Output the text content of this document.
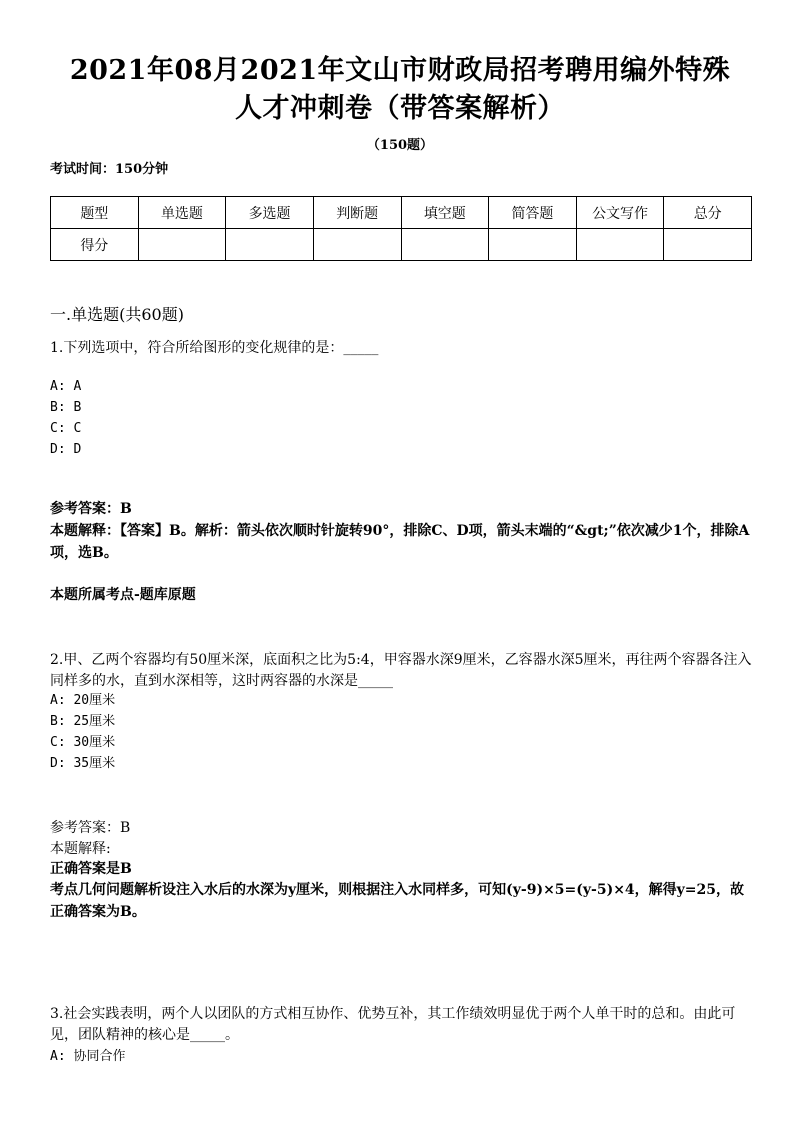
2021年08月2021年文山市财政局招考聘用编外特殊
人才冲刺卷（带答案解析）
（150题）
考试时间：150分钟
题型	单选题	多选题	判断题	填空题	简答题	公文写作	总分
得分							
一.单选题(共60题)
1.下列选项中，符合所给图形的变化规律的是：_____
A: A
B: B
C: C
D: D
参考答案：B
本题解释：【答案】B。解析：箭头依次顺时针旋转90°，排除C、D项，箭头末端的“&gt;”依次减少1个，排除A项，选B。
本题所属考点-题库原题
2.甲、乙两个容器均有50厘米深，底面积之比为5:4，甲容器水深9厘米，乙容器水深5厘米，再往两个容器各注入同样多的水，直到水深相等，这时两容器的水深是_____
A: 20厘米
B: 25厘米
C: 30厘米
D: 35厘米
参考答案：B
本题解释:
正确答案是B
考点几何问题解析设注入水后的水深为y厘米，则根据注入水同样多，可知(y-9)×5=(y-5)×4，解得y=25，故正确答案为B。
3.社会实践表明，两个人以团队的方式相互协作、优势互补，其工作绩效明显优于两个人单干时的总和。由此可见，团队精神的核心是_____。
A: 协同合作
